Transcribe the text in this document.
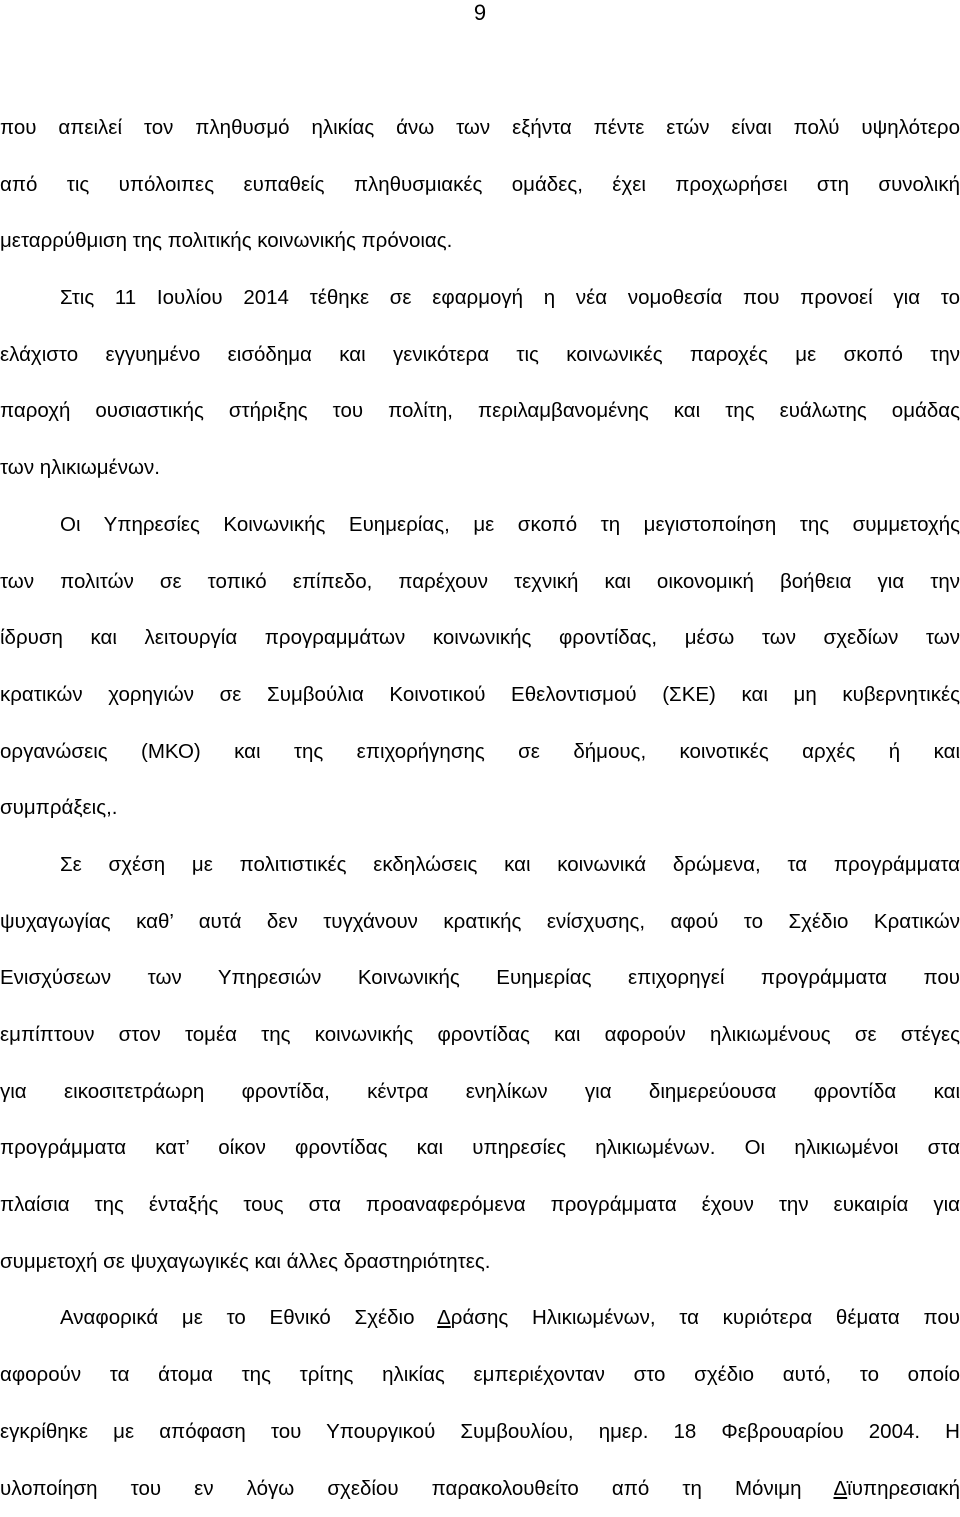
9
που απειλεί τον πληθυσμό ηλικίας άνω των εξήντα πέντε ετών είναι πολύ υψηλότερο
από τις υπόλοιπες ευπαθείς πληθυσμιακές ομάδες, έχει προχωρήσει στη συνολική
μεταρρύθμιση της πολιτικής κοινωνικής πρόνοιας.
Στις 11 Ιουλίου 2014 τέθηκε σε εφαρμογή η νέα νομοθεσία που προνοεί για το
ελάχιστο εγγυημένο εισόδημα και γενικότερα τις κοινωνικές παροχές με σκοπό την
παροχή ουσιαστικής στήριξης του πολίτη, περιλαμβανομένης και της ευάλωτης ομάδας
των ηλικιωμένων.
Οι Υπηρεσίες Κοινωνικής Ευημερίας, με σκοπό τη μεγιστοποίηση της συμμετοχής
των πολιτών σε τοπικό επίπεδο, παρέχουν τεχνική και οικονομική βοήθεια για την
ίδρυση και λειτουργία προγραμμάτων κοινωνικής φροντίδας, μέσω των σχεδίων των
κρατικών χορηγιών σε Συμβούλια Κοινοτικού Εθελοντισμού (ΣΚΕ) και μη κυβερνητικές
οργανώσεις (ΜΚΟ) και της επιχορήγησης σε δήμους, κοινοτικές αρχές ή και
συμπράξεις,.
Σε σχέση με πολιτιστικές εκδηλώσεις και κοινωνικά δρώμενα, τα προγράμματα
ψυχαγωγίας καθ’ αυτά δεν τυγχάνουν κρατικής ενίσχυσης, αφού το Σχέδιο Κρατικών
Ενισχύσεων των Υπηρεσιών Κοινωνικής Ευημερίας επιχορηγεί προγράμματα που
εμπίπτουν στον τομέα της κοινωνικής φροντίδας και αφορούν ηλικιωμένους σε στέγες
για εικοσιτετράωρη φροντίδα, κέντρα ενηλίκων για διημερεύουσα φροντίδα και
προγράμματα κατ’ οίκον φροντίδας και υπηρεσίες ηλικιωμένων. Οι ηλικιωμένοι στα
πλαίσια της ένταξής τους στα προαναφερόμενα προγράμματα έχουν την ευκαιρία για
συμμετοχή σε ψυχαγωγικές και άλλες δραστηριότητες.
Αναφορικά με το Εθνικό Σχέδιο Δράσης Ηλικιωμένων, τα κυριότερα θέματα που
αφορούν τα άτομα της τρίτης ηλικίας εμπεριέχονταν στο σχέδιο αυτό, το οποίο
εγκρίθηκε με απόφαση του Υπουργικού Συμβουλίου, ημερ. 18 Φεβρουαρίου 2004. Η
υλοποίηση του εν λόγω σχεδίου παρακολουθείτο από τη Μόνιμη Δϊυπηρεσιακή
